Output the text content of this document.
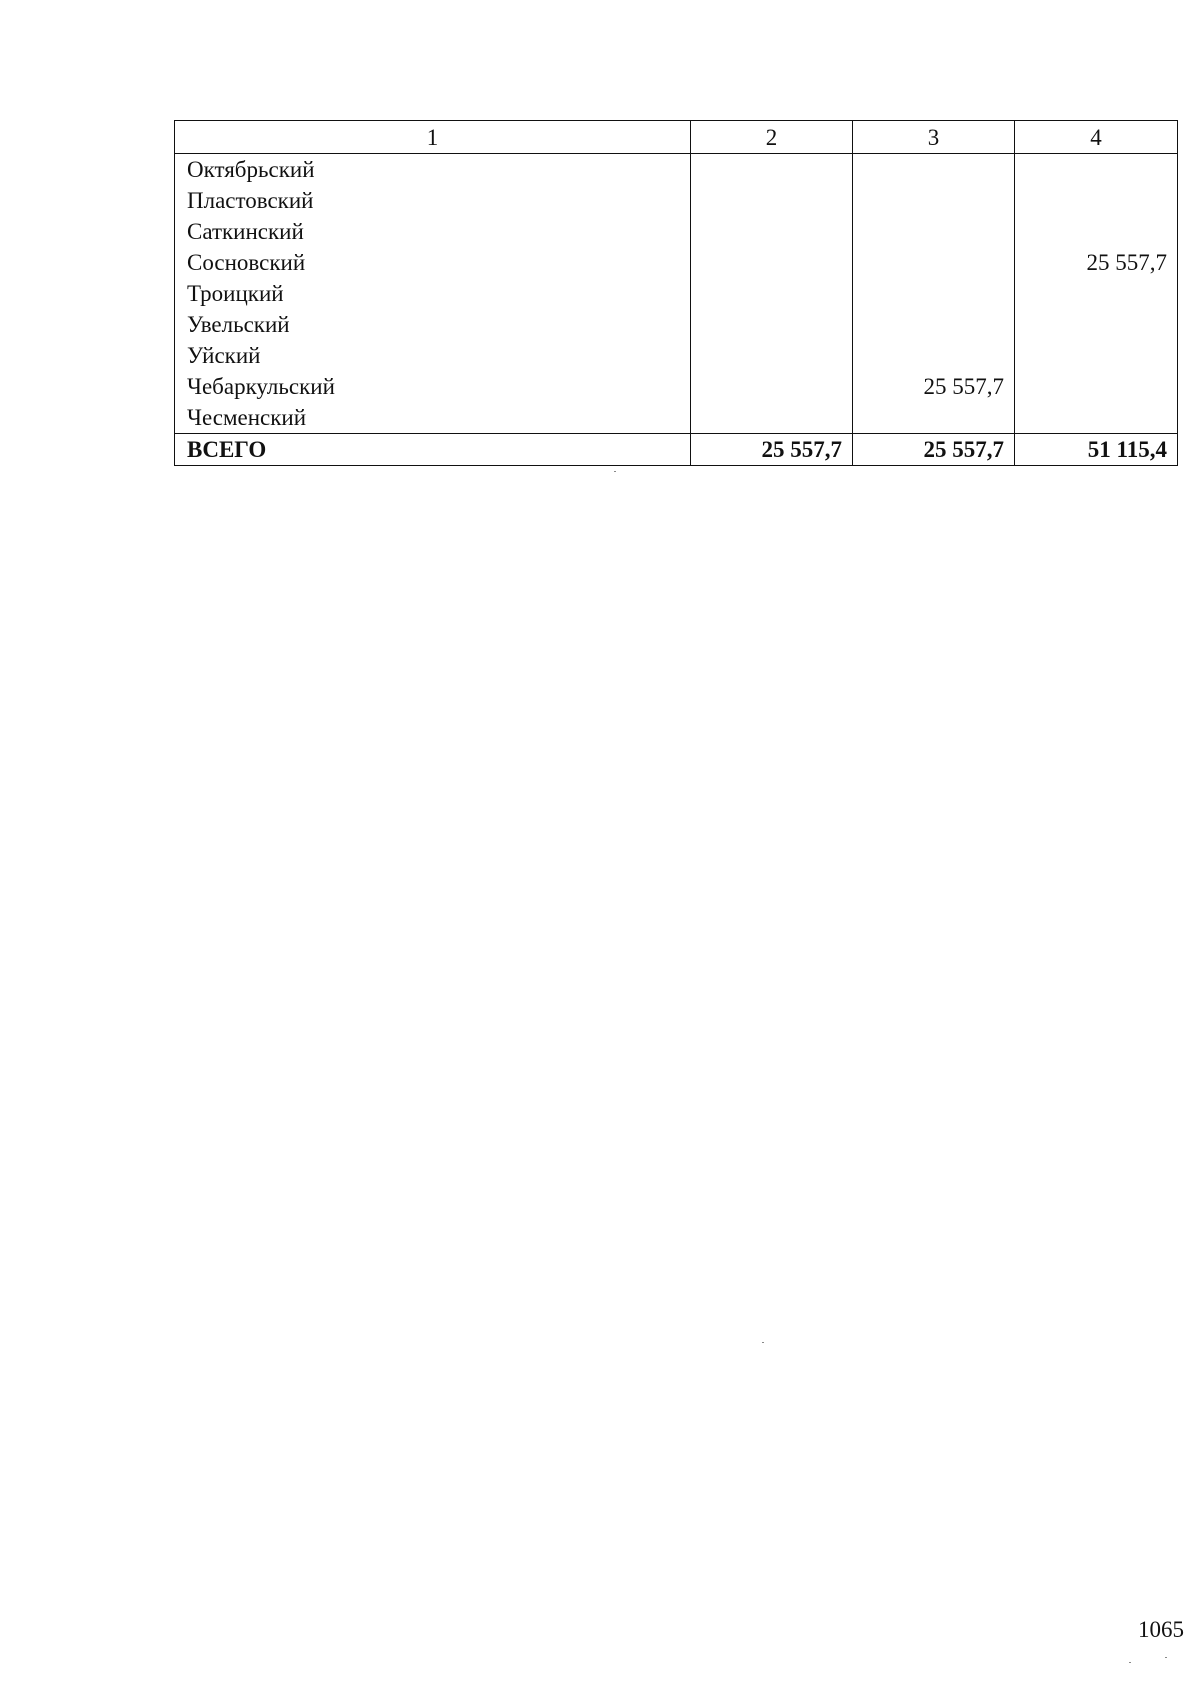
1	2	3	4
Октябрьский			
Пластовский			
Саткинский			
Сосновский			25 557,7
Троицкий			
Увельский			
Уйский			
Чебаркульский		25 557,7	
Чесменский			
ВСЕГО	25 557,7	25 557,7	51 115,4
1065
